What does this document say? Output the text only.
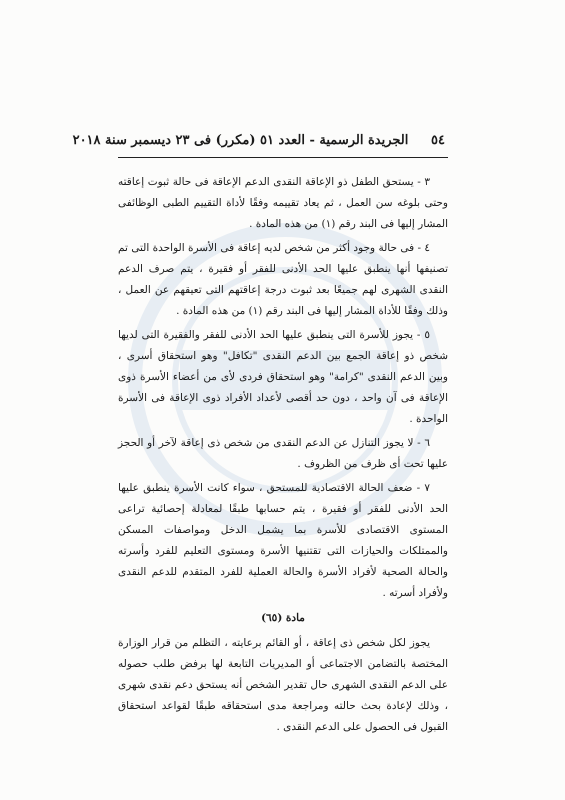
٥٤     الجريدة الرسمية - العدد ٥١ (مكرر) فى ٢٣ ديسمبر سنة ٢٠١٨

٣ - يستحق الطفل ذو الإعاقة النقدى الدعم الإعاقة فى حالة ثبوت إعاقته وحتى بلوغه سن العمل ، ثم يعاد تقييمه وفقًا لأداة التقييم الطبى الوظائفى المشار إليها فى البند رقم (١) من هذه المادة .

٤ - فى حالة وجود أكثر من شخص لديه إعاقة فى الأسرة الواحدة التى تم تصنيفها أنها ينطبق عليها الحد الأدنى للفقر أو فقيرة ، يتم صرف الدعم النقدى الشهرى لهم جميعًا بعد ثبوت درجة إعاقتهم التى تعيقهم عن العمل ، وذلك وفقًا للأداة المشار إليها فى البند رقم (١) من هذه المادة .

٥ - يجوز للأسرة التى ينطبق عليها الحد الأدنى للفقر والفقيرة التى لديها شخص ذو إعاقة الجمع بين الدعم النقدى "تكافل" وهو استحقاق أسرى ، وبين الدعم النقدى "كرامة" وهو استحقاق فردى لأى من أعضاء الأسرة ذوى الإعاقة فى آن واحد ، دون حد أقصى لأعداد الأفراد ذوى الإعاقة فى الأسرة الواحدة .

٦ - لا يجوز التنازل عن الدعم النقدى من شخص ذى إعاقة لآخر أو الحجز عليها تحت أى ظرف من الظروف .

٧ - ضعف الحالة الاقتصادية للمستحق ، سواء كانت الأسرة ينطبق عليها الحد الأدنى للفقر أو فقيرة ، يتم حسابها طبقًا لمعادلة إحصائية تراعى المستوى الاقتصادى للأسرة بما يشمل الدخل ومواصفات المسكن والممتلكات والحيازات التى تقتنيها الأسرة ومستوى التعليم للفرد وأسرته والحالة الصحية لأفراد الأسرة والحالة العملية للفرد المتقدم للدعم النقدى ولأفراد أسرته .

مادة (٦٥)

يجوز لكل شخص ذى إعاقة ، أو القائم برعايته ، التظلم من قرار الوزارة المختصة بالتضامن الاجتماعى أو المديريات التابعة لها برفض طلب حصوله على الدعم النقدى الشهرى حال تقدير الشخص أنه يستحق دعم نقدى شهرى ، وذلك لإعادة بحث حالته ومراجعة مدى استحقاقه طبقًا لقواعد استحقاق القبول فى الحصول على الدعم النقدى .
